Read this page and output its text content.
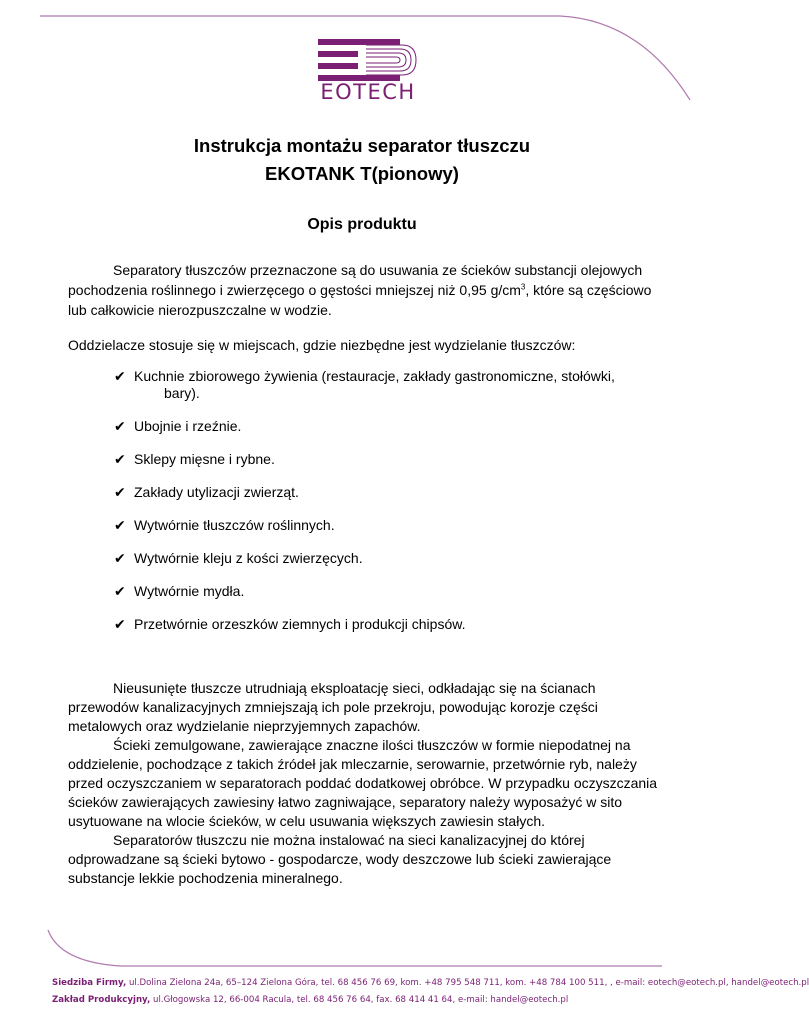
EOTECH
Instrukcja montażu separator tłuszczu
EKOTANK T(pionowy)
Opis produktu

Separatory tłuszczów przeznaczone są do usuwania ze ścieków substancji olejowych pochodzenia roślinnego i zwierzęcego o gęstości mniejszej niż 0,95 $g/cm^3$, które są częściowo lub całkowicie nierozpuszczalne w wodzie.

Oddzielacze stosuje się w miejscach, gdzie niezbędne jest wydzielanie tłuszczów:

✔ Kuchnie zbiorowego żywienia (restauracje, zakłady gastronomiczne, stołówki,
bary).
✔ Ubojnie i rzeźnie.
✔ Sklepy mięsne i rybne.
✔ Zakłady utylizacji zwierząt.
✔ Wytwórnie tłuszczów roślinnych.
✔ Wytwórnie kleju z kości zwierzęcych.
✔ Wytwórnie mydła.
✔ Przetwórnie orzeszków ziemnych i produkcji chipsów.

Nieusunięte tłuszcze utrudniają eksploatację sieci, odkładając się na ścianach przewodów kanalizacyjnych zmniejszają ich pole przekroju, powodując korozje części metalowych oraz wydzielanie nieprzyjemnych zapachów.

Ścieki zemulgowane, zawierające znaczne ilości tłuszczów w formie niepodatnej na oddzielenie, pochodzące z takich źródeł jak mleczarnie, serowarnie, przetwórnie ryb, należy przed oczyszczaniem w separatorach poddać dodatkowej obróbce. W przypadku oczyszczania ścieków zawierających zawiesiny łatwo zagniwające, separatory należy wyposażyć w sito usytuowane na wlocie ścieków, w celu usuwania większych zawiesin stałych.

Separatorów tłuszczu nie można instalować na sieci kanalizacyjnej do której odprowadzane są ścieki bytowo - gospodarcze, wody deszczowe lub ścieki zawierające substancje lekkie pochodzenia mineralnego.

Siedziba Firmy, ul.Dolina Zielona 24a, 65–124 Zielona Góra, tel. 68 456 76 69, kom. +48 795 548 711, kom. +48 784 100 511, , e-mail: eotech@eotech.pl, handel@eotech.pl
Zakład Produkcyjny, ul.Głogowska 12, 66-004 Racula, tel. 68 456 76 64, fax. 68 414 41 64, e-mail: handel@eotech.pl
